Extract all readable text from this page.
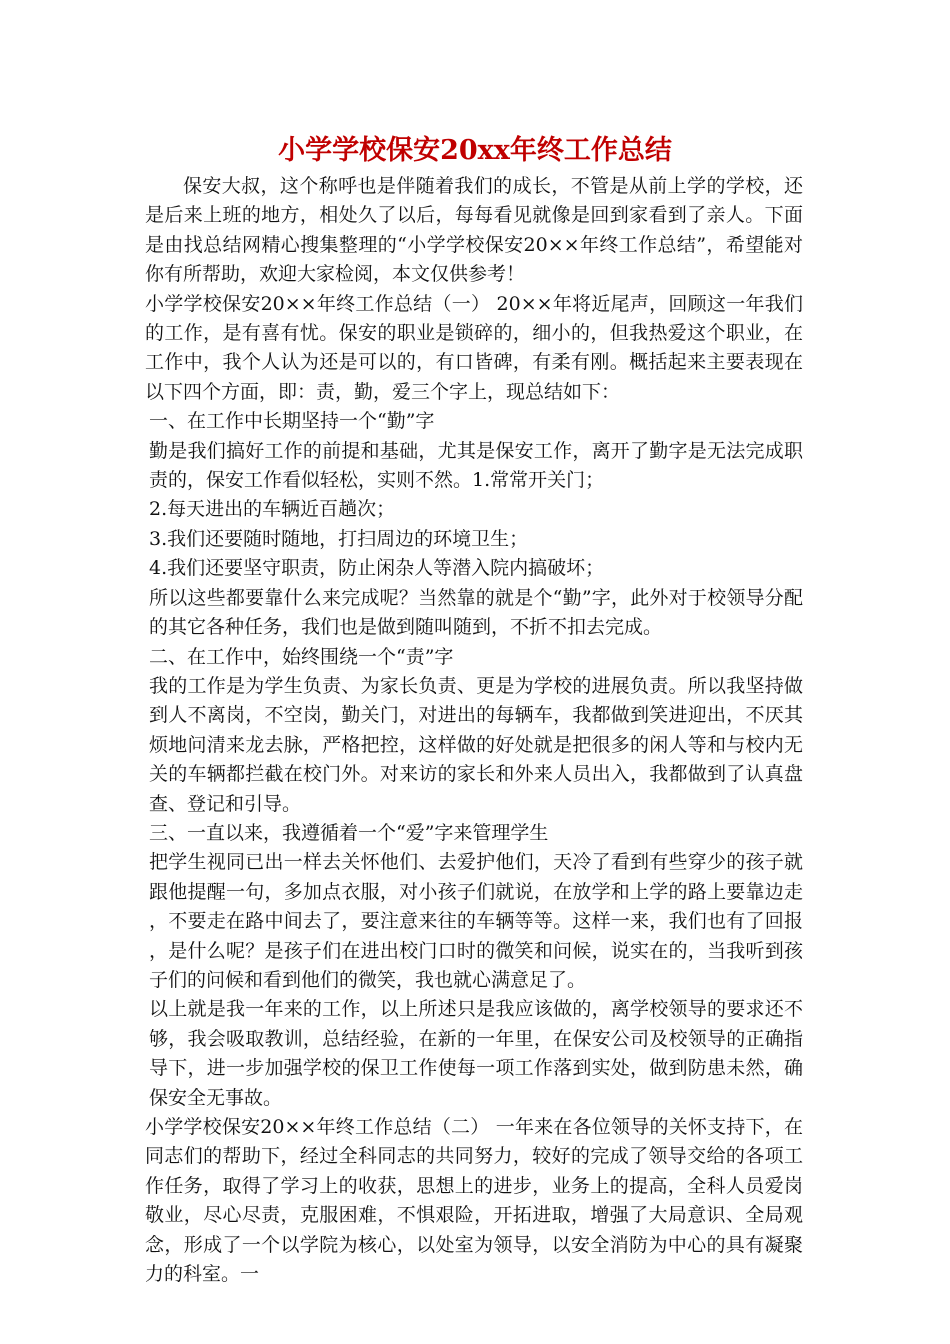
小学学校保安20xx年终工作总结

保安大叔，这个称呼也是伴随着我们的成长，不管是从前上学的学校，还是后来上班的地方，相处久了以后，每每看见就像是回到家看到了亲人。下面是由找总结网精心搜集整理的“小学学校保安20××年终工作总结”，希望能对你有所帮助，欢迎大家检阅，本文仅供参考！

小学学校保安20××年终工作总结（一） 20××年将近尾声，回顾这一年我们的工作，是有喜有忧。保安的职业是锁碎的，细小的，但我热爱这个职业，在工作中，我个人认为还是可以的，有口皆碑，有柔有刚。概括起来主要表现在以下四个方面，即：责，勤，爱三个字上，现总结如下：

一、在工作中长期坚持一个“勤”字

勤是我们搞好工作的前提和基础，尤其是保安工作，离开了勤字是无法完成职责的，保安工作看似轻松，实则不然。1.常常开关门；

2.每天进出的车辆近百趟次；

3.我们还要随时随地，打扫周边的环境卫生；

4.我们还要坚守职责，防止闲杂人等潜入院内搞破坏；

所以这些都要靠什么来完成呢？当然靠的就是个“勤”字，此外对于校领导分配的其它各种任务，我们也是做到随叫随到，不折不扣去完成。

二、在工作中，始终围绕一个“责”字

我的工作是为学生负责、为家长负责、更是为学校的进展负责。所以我坚持做到人不离岗，不空岗，勤关门，对进出的每辆车，我都做到笑进迎出，不厌其烦地问清来龙去脉，严格把控，这样做的好处就是把很多的闲人等和与校内无关的车辆都拦截在校门外。对来访的家长和外来人员出入，我都做到了认真盘查、登记和引导。

三、一直以来，我遵循着一个“爱”字来管理学生

把学生视同已出一样去关怀他们、去爱护他们，天冷了看到有些穿少的孩子就跟他提醒一句，多加点衣服，对小孩子们就说，在放学和上学的路上要靠边走，不要走在路中间去了，要注意来往的车辆等等。这样一来，我们也有了回报，是什么呢？是孩子们在进出校门口时的微笑和问候，说实在的，当我听到孩子们的问候和看到他们的微笑，我也就心满意足了。

以上就是我一年来的工作，以上所述只是我应该做的，离学校领导的要求还不够，我会吸取教训，总结经验，在新的一年里，在保安公司及校领导的正确指导下，进一步加强学校的保卫工作使每一项工作落到实处，做到防患未然，确保安全无事故。

小学学校保安20××年终工作总结（二） 一年来在各位领导的关怀支持下，在同志们的帮助下，经过全科同志的共同努力，较好的完成了领导交给的各项工作任务，取得了学习上的收获，思想上的进步，业务上的提高，全科人员爱岗敬业，尽心尽责，克服困难，不惧艰险，开拓进取，增强了大局意识、全局观念，形成了一个以学院为核心，以处室为领导，以安全消防为中心的具有凝聚力的科室。一
